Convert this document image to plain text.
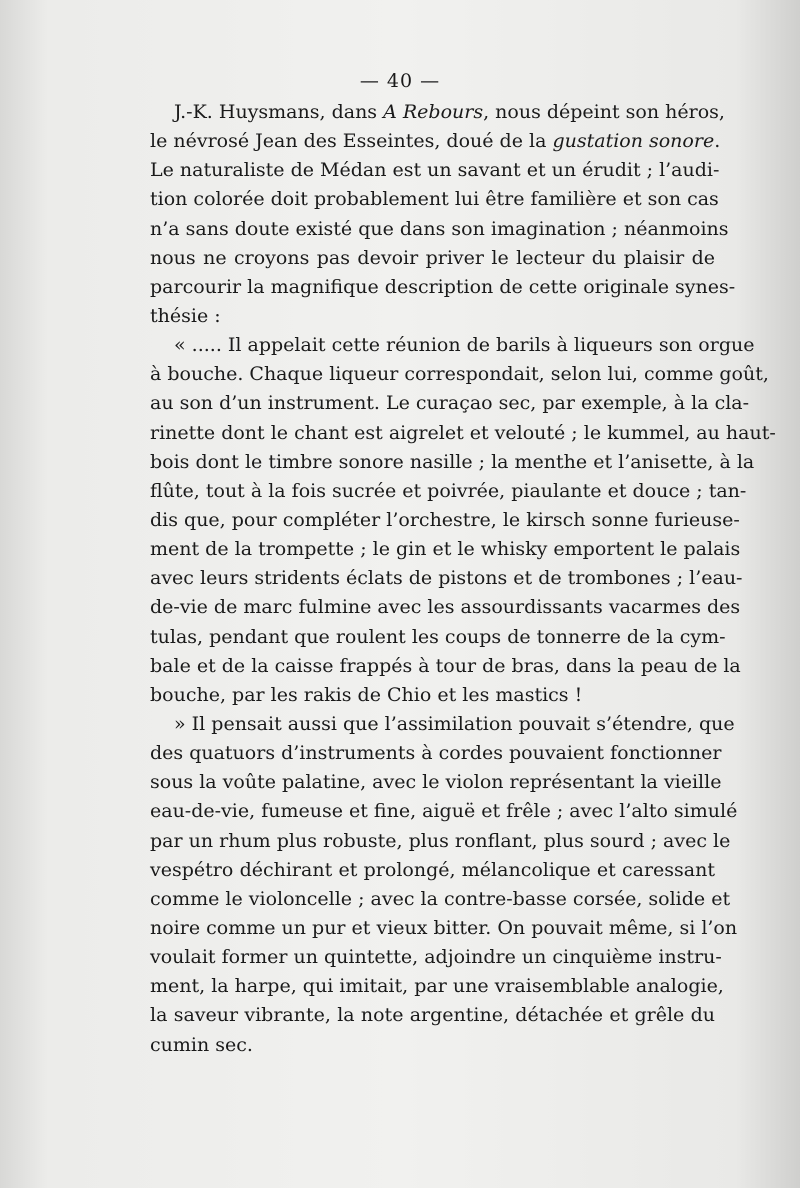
— 40 —
J.-K. Huysmans, dans A Rebours, nous dépeint son héros,
le névrosé Jean des Esseintes, doué de la gustation sonore.
Le naturaliste de Médan est un savant et un érudit ; l’audi-
tion colorée doit probablement lui être familière et son cas
n’a sans doute existé que dans son imagination ; néanmoins
nous ne croyons pas devoir priver le lecteur du plaisir de
parcourir la magnifique description de cette originale synes-
thésie :
« ..... Il appelait cette réunion de barils à liqueurs son orgue
à bouche. Chaque liqueur correspondait, selon lui, comme goût,
au son d’un instrument. Le curaçao sec, par exemple, à la cla-
rinette dont le chant est aigrelet et velouté ; le kummel, au haut-
bois dont le timbre sonore nasille ; la menthe et l’anisette, à la
flûte, tout à la fois sucrée et poivrée, piaulante et douce ; tan-
dis que, pour compléter l’orchestre, le kirsch sonne furieuse-
ment de la trompette ; le gin et le whisky emportent le palais
avec leurs stridents éclats de pistons et de trombones ; l’eau-
de-vie de marc fulmine avec les assourdissants vacarmes des
tulas, pendant que roulent les coups de tonnerre de la cym-
bale et de la caisse frappés à tour de bras, dans la peau de la
bouche, par les rakis de Chio et les mastics !
» Il pensait aussi que l’assimilation pouvait s’étendre, que
des quatuors d’instruments à cordes pouvaient fonctionner
sous la voûte palatine, avec le violon représentant la vieille
eau-de-vie, fumeuse et fine, aiguë et frêle ; avec l’alto simulé
par un rhum plus robuste, plus ronflant, plus sourd ; avec le
vespétro déchirant et prolongé, mélancolique et caressant
comme le violoncelle ; avec la contre-basse corsée, solide et
noire comme un pur et vieux bitter. On pouvait même, si l’on
voulait former un quintette, adjoindre un cinquième instru-
ment, la harpe, qui imitait, par une vraisemblable analogie,
la saveur vibrante, la note argentine, détachée et grêle du
cumin sec.
